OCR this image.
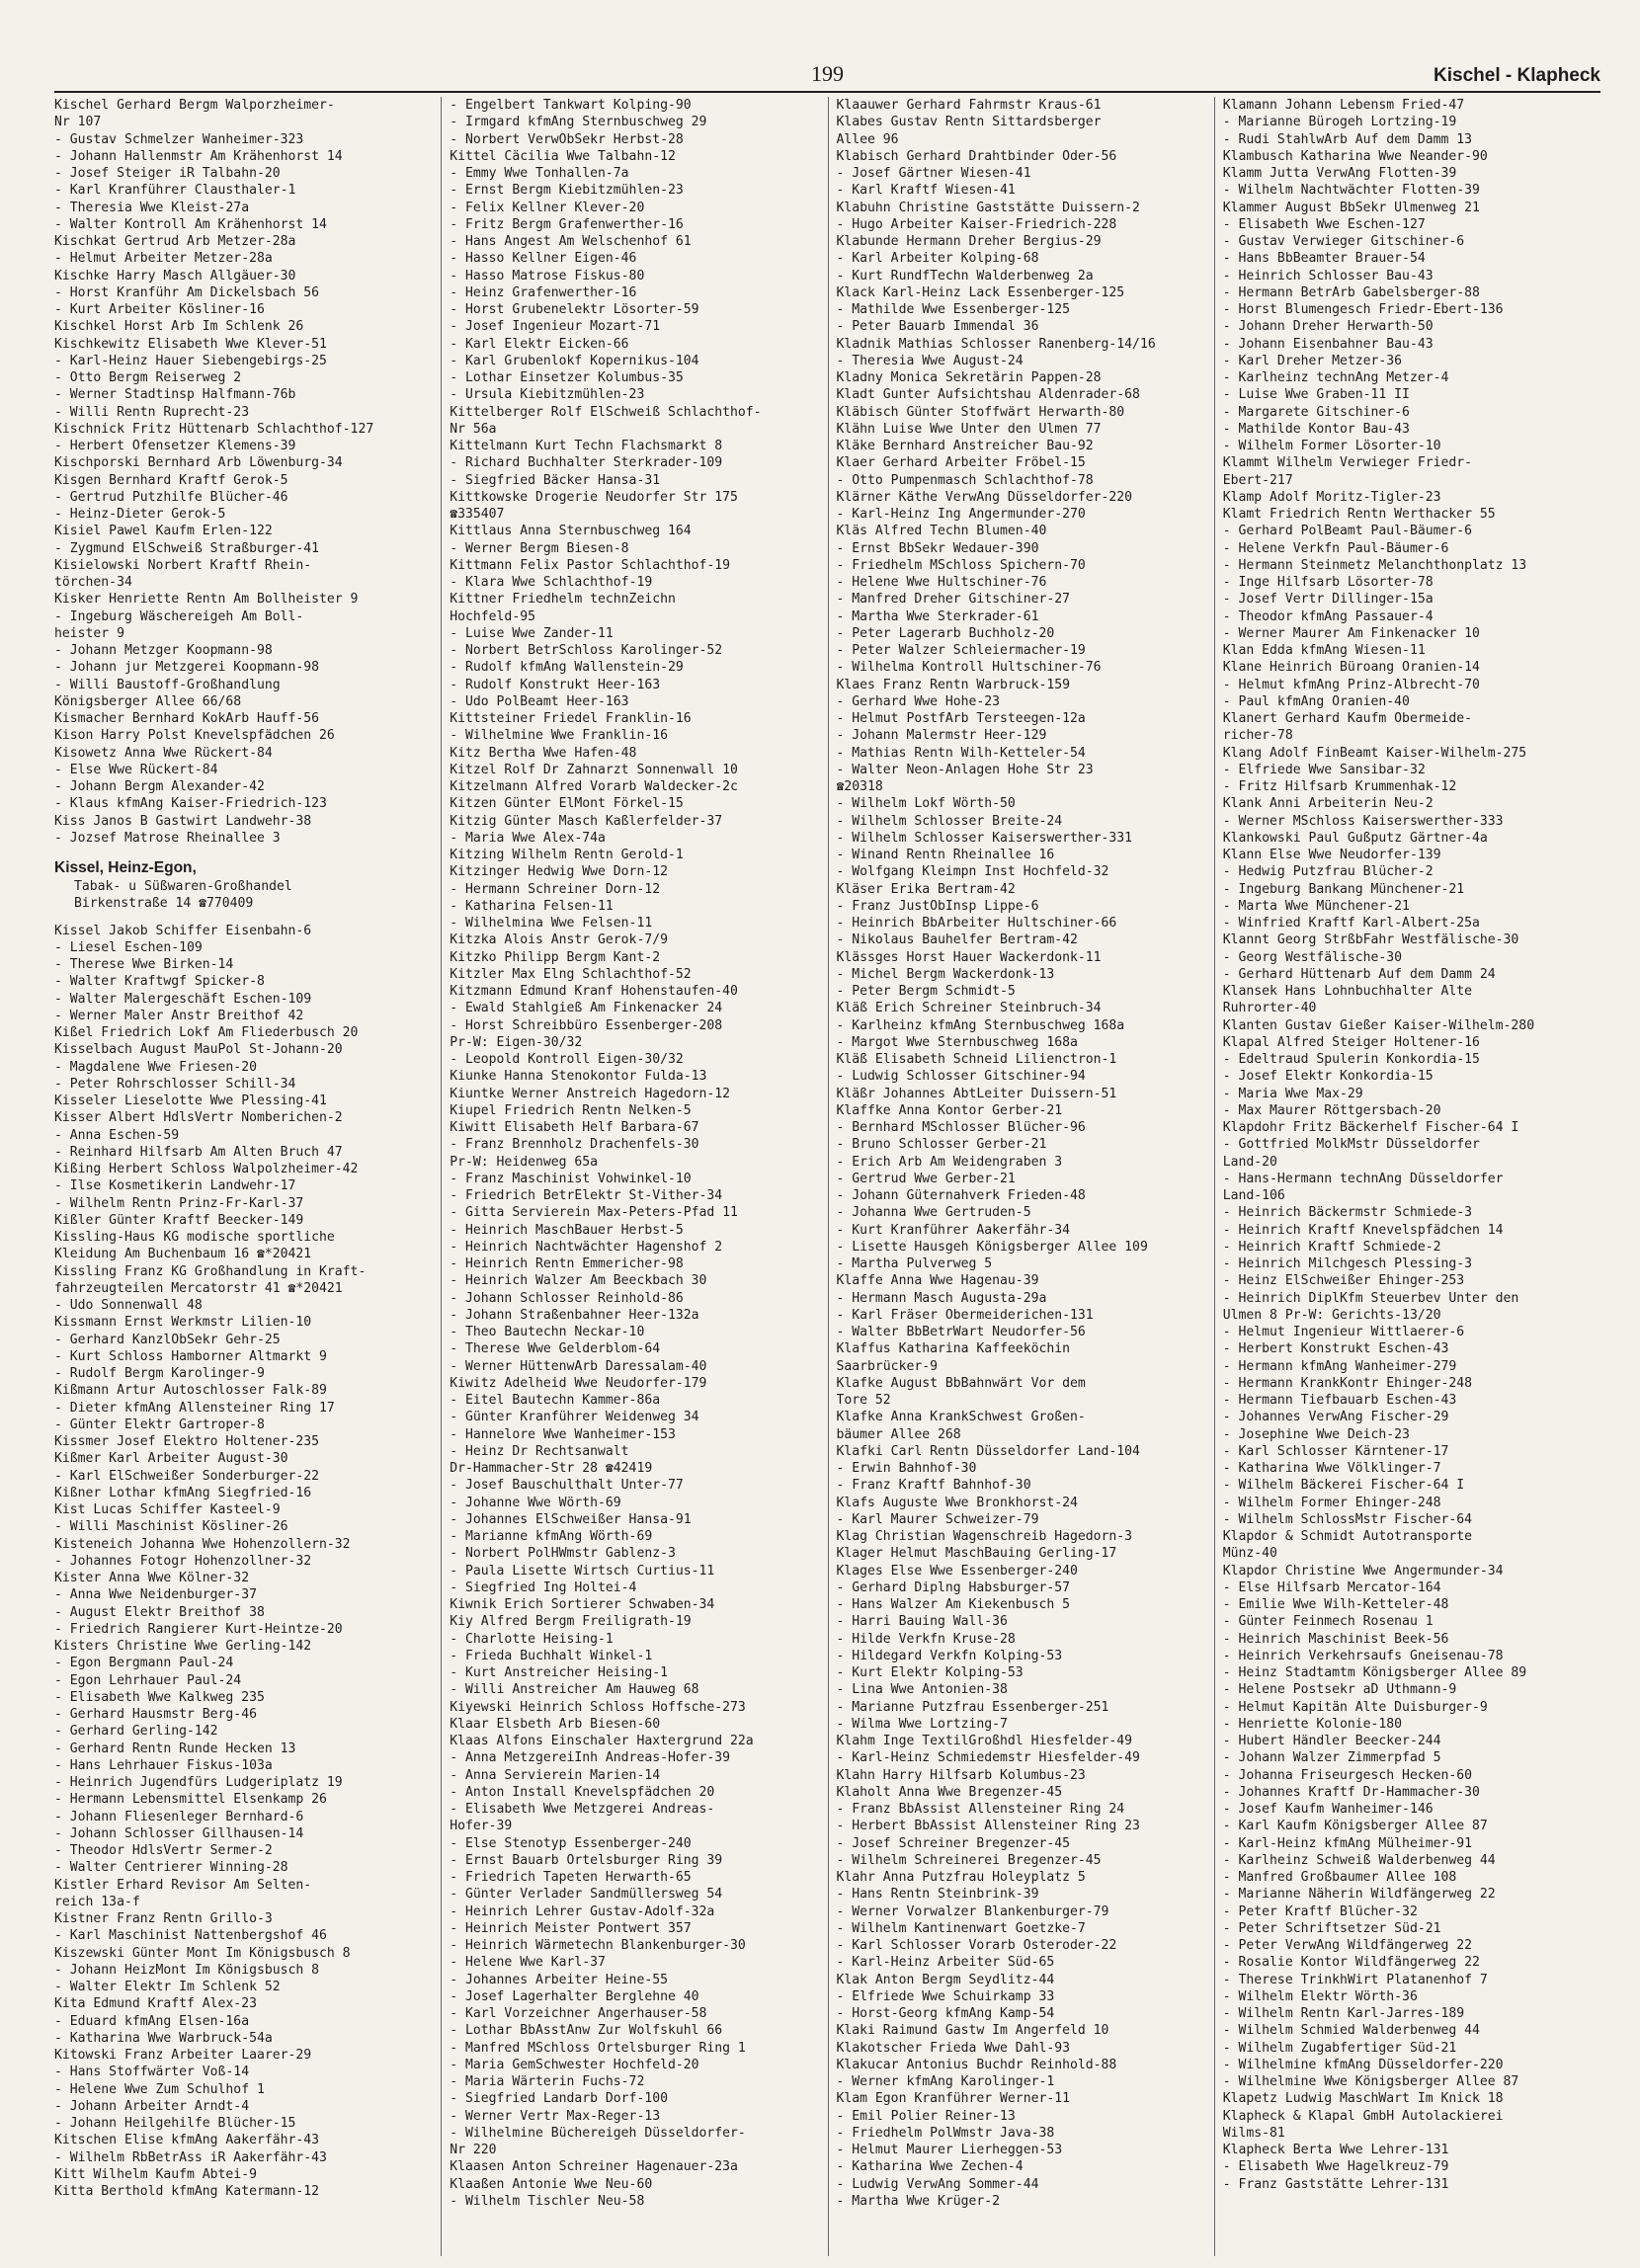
199	Kischel - Klapheck
Kischel Gerhard Bergm Walporzheimer-
Nr 107
- Gustav Schmelzer Wanheimer-323
- Johann Hallenmstr Am Krähenhorst 14
- Josef Steiger iR Talbahn-20
- Karl Kranführer Clausthaler-1
- Theresia Wwe Kleist-27a
- Walter Kontroll Am Krähenhorst 14
Kischkat Gertrud Arb Metzer-28a
- Helmut Arbeiter Metzer-28a
Kischke Harry Masch Allgäuer-30
- Horst Kranführ Am Dickelsbach 56
- Kurt Arbeiter Kösliner-16
Kischkel Horst Arb Im Schlenk 26
Kischkewitz Elisabeth Wwe Klever-51
- Karl-Heinz Hauer Siebengebirgs-25
- Otto Bergm Reiserweg 2
- Werner Stadtinsp Halfmann-76b
- Willi Rentn Ruprecht-23
Kischnick Fritz Hüttenarb Schlachthof-127
- Herbert Ofensetzer Klemens-39
Kischporski Bernhard Arb Löwenburg-34
Kisgen Bernhard Kraftf Gerok-5
- Gertrud Putzhilfe Blücher-46
- Heinz-Dieter Gerok-5
Kisiel Pawel Kaufm Erlen-122
- Zygmund ElSchweiß Straßburger-41
Kisielowski Norbert Kraftf Rhein-
törchen-34
Kisker Henriette Rentn Am Bollheister 9
- Ingeburg Wäschereigeh Am Boll-
heister 9
- Johann Metzger Koopmann-98
- Johann jur Metzgerei Koopmann-98
- Willi Baustoff-Großhandlung
Königsberger Allee 66/68
Kismacher Bernhard KokArb Hauff-56
Kison Harry Polst Knevelspfädchen 26
Kisowetz Anna Wwe Rückert-84
- Else Wwe Rückert-84
- Johann Bergm Alexander-42
- Klaus kfmAng Kaiser-Friedrich-123
Kiss Janos B Gastwirt Landwehr-38
- Jozsef Matrose Rheinallee 3
Kissel, Heinz-Egon,
Tabak- u Süßwaren-Großhandel
Birkenstraße 14 ☎770409
Kissel Jakob Schiffer Eisenbahn-6
- Liesel Eschen-109
- Therese Wwe Birken-14
- Walter Kraftwgf Spicker-8
- Walter Malergeschäft Eschen-109
- Werner Maler Anstr Breithof 42
Kißel Friedrich Lokf Am Fliederbusch 20
Kisselbach August MauPol St-Johann-20
- Magdalene Wwe Friesen-20
- Peter Rohrschlosser Schill-34
Kisseler Lieselotte Wwe Plessing-41
Kisser Albert HdlsVertr Nomberichen-2
- Anna Eschen-59
- Reinhard Hilfsarb Am Alten Bruch 47
Kißing Herbert Schloss Walpolzheimer-42
- Ilse Kosmetikerin Landwehr-17
- Wilhelm Rentn Prinz-Fr-Karl-37
Kißler Günter Kraftf Beecker-149
Kissling-Haus KG modische sportliche
Kleidung Am Buchenbaum 16 ☎*20421
Kissling Franz KG Großhandlung in Kraft-
fahrzeugteilen Mercatorstr 41 ☎*20421
- Udo Sonnenwall 48
Kissmann Ernst Werkmstr Lilien-10
- Gerhard KanzlObSekr Gehr-25
- Kurt Schloss Hamborner Altmarkt 9
- Rudolf Bergm Karolinger-9
Kißmann Artur Autoschlosser Falk-89
- Dieter kfmAng Allensteiner Ring 17
- Günter Elektr Gartroper-8
Kissmer Josef Elektro Holtener-235
Kißmer Karl Arbeiter August-30
- Karl ElSchweißer Sonderburger-22
Kißner Lothar kfmAng Siegfried-16
Kist Lucas Schiffer Kasteel-9
- Willi Maschinist Kösliner-26
Kisteneich Johanna Wwe Hohenzollern-32
- Johannes Fotogr Hohenzollner-32
Kister Anna Wwe Kölner-32
- Anna Wwe Neidenburger-37
- August Elektr Breithof 38
- Friedrich Rangierer Kurt-Heintze-20
Kisters Christine Wwe Gerling-142
- Egon Bergmann Paul-24
- Egon Lehrhauer Paul-24
- Elisabeth Wwe Kalkweg 235
- Gerhard Hausmstr Berg-46
- Gerhard Gerling-142
- Gerhard Rentn Runde Hecken 13
- Hans Lehrhauer Fiskus-103a
- Heinrich Jugendfürs Ludgeriplatz 19
- Hermann Lebensmittel Elsenkamp 26
- Johann Fliesenleger Bernhard-6
- Johann Schlosser Gillhausen-14
- Theodor HdlsVertr Sermer-2
- Walter Centrierer Winning-28
Kistler Erhard Revisor Am Selten-
reich 13a-f
Kistner Franz Rentn Grillo-3
- Karl Maschinist Nattenbergshof 46
Kiszewski Günter Mont Im Königsbusch 8
- Johann HeizMont Im Königsbusch 8
- Walter Elektr Im Schlenk 52
Kita Edmund Kraftf Alex-23
- Eduard kfmAng Elsen-16a
- Katharina Wwe Warbruck-54a
Kitowski Franz Arbeiter Laarer-29
- Hans Stoffwärter Voß-14
- Helene Wwe Zum Schulhof 1
- Johann Arbeiter Arndt-4
- Johann Heilgehilfe Blücher-15
Kitschen Elise kfmAng Aakerfähr-43
- Wilhelm RbBetrAss iR Aakerfähr-43
Kitt Wilhelm Kaufm Abtei-9
Kitta Berthold kfmAng Katermann-12
- Engelbert Tankwart Kolping-90
- Irmgard kfmAng Sternbuschweg 29
- Norbert VerwObSekr Herbst-28
Kittel Cäcilia Wwe Talbahn-12
- Emmy Wwe Tonhallen-7a
- Ernst Bergm Kiebitzmühlen-23
- Felix Kellner Klever-20
- Fritz Bergm Grafenwerther-16
- Hans Angest Am Welschenhof 61
- Hasso Kellner Eigen-46
- Hasso Matrose Fiskus-80
- Heinz Grafenwerther-16
- Horst Grubenelektr Lösorter-59
- Josef Ingenieur Mozart-71
- Karl Elektr Eicken-66
- Karl Grubenlokf Kopernikus-104
- Lothar Einsetzer Kolumbus-35
- Ursula Kiebitzmühlen-23
Kittelberger Rolf ElSchweiß Schlachthof-
Nr 56a
Kittelmann Kurt Techn Flachsmarkt 8
- Richard Buchhalter Sterkrader-109
- Siegfried Bäcker Hansa-31
Kittkowske Drogerie Neudorfer Str 175
☎335407
Kittlaus Anna Sternbuschweg 164
- Werner Bergm Biesen-8
Kittmann Felix Pastor Schlachthof-19
- Klara Wwe Schlachthof-19
Kittner Friedhelm technZeichn
Hochfeld-95
- Luise Wwe Zander-11
- Norbert BetrSchloss Karolinger-52
- Rudolf kfmAng Wallenstein-29
- Rudolf Konstrukt Heer-163
- Udo PolBeamt Heer-163
Kittsteiner Friedel Franklin-16
- Wilhelmine Wwe Franklin-16
Kitz Bertha Wwe Hafen-48
Kitzel Rolf Dr Zahnarzt Sonnenwall 10
Kitzelmann Alfred Vorarb Waldecker-2c
Kitzen Günter ElMont Förkel-15
Kitzig Günter Masch Kaßlerfelder-37
- Maria Wwe Alex-74a
Kitzing Wilhelm Rentn Gerold-1
Kitzinger Hedwig Wwe Dorn-12
- Hermann Schreiner Dorn-12
- Katharina Felsen-11
- Wilhelmina Wwe Felsen-11
Kitzka Alois Anstr Gerok-7/9
Kitzko Philipp Bergm Kant-2
Kitzler Max Elng Schlachthof-52
Kitzmann Edmund Kranf Hohenstaufen-40
- Ewald Stahlgieß Am Finkenacker 24
- Horst Schreibbüro Essenberger-208
Pr-W: Eigen-30/32
- Leopold Kontroll Eigen-30/32
Kiunke Hanna Stenokontor Fulda-13
Kiuntke Werner Anstreich Hagedorn-12
Kiupel Friedrich Rentn Nelken-5
Kiwitt Elisabeth Helf Barbara-67
- Franz Brennholz Drachenfels-30
Pr-W: Heidenweg 65a
- Franz Maschinist Vohwinkel-10
- Friedrich BetrElektr St-Vither-34
- Gitta Servierein Max-Peters-Pfad 11
- Heinrich MaschBauer Herbst-5
- Heinrich Nachtwächter Hagenshof 2
- Heinrich Rentn Emmericher-98
- Heinrich Walzer Am Beeckbach 30
- Johann Schlosser Reinhold-86
- Johann Straßenbahner Heer-132a
- Theo Bautechn Neckar-10
- Therese Wwe Gelderblom-64
- Werner HüttenwArb Daressalam-40
Kiwitz Adelheid Wwe Neudorfer-179
- Eitel Bautechn Kammer-86a
- Günter Kranführer Weidenweg 34
- Hannelore Wwe Wanheimer-153
- Heinz Dr Rechtsanwalt
Dr-Hammacher-Str 28 ☎42419
- Josef Bauschulthalt Unter-77
- Johanne Wwe Wörth-69
- Johannes ElSchweißer Hansa-91
- Marianne kfmAng Wörth-69
- Norbert PolHWmstr Gablenz-3
- Paula Lisette Wirtsch Curtius-11
- Siegfried Ing Holtei-4
Kiwnik Erich Sortierer Schwaben-34
Kiy Alfred Bergm Freiligrath-19
- Charlotte Heising-1
- Frieda Buchhalt Winkel-1
- Kurt Anstreicher Heising-1
- Willi Anstreicher Am Hauweg 68
Kiyewski Heinrich Schloss Hoffsche-273
Klaar Elsbeth Arb Biesen-60
Klaas Alfons Einschaler Haxtergrund 22a
- Anna MetzgereiInh Andreas-Hofer-39
- Anna Servierein Marien-14
- Anton Install Knevelspfädchen 20
- Elisabeth Wwe Metzgerei Andreas-
Hofer-39
- Else Stenotyp Essenberger-240
- Ernst Bauarb Ortelsburger Ring 39
- Friedrich Tapeten Herwarth-65
- Günter Verlader Sandmüllersweg 54
- Heinrich Lehrer Gustav-Adolf-32a
- Heinrich Meister Pontwert 357
- Heinrich Wärmetechn Blankenburger-30
- Helene Wwe Karl-37
- Johannes Arbeiter Heine-55
- Josef Lagerhalter Berglehne 40
- Karl Vorzeichner Angerhauser-58
- Lothar BbAsstAnw Zur Wolfskuhl 66
- Manfred MSchloss Ortelsburger Ring 1
- Maria GemSchwester Hochfeld-20
- Maria Wärterin Fuchs-72
- Siegfried Landarb Dorf-100
- Werner Vertr Max-Reger-13
- Wilhelmine Büchereigeh Düsseldorfer-
Nr 220
Klaasen Anton Schreiner Hagenauer-23a
Klaaßen Antonie Wwe Neu-60
- Wilhelm Tischler Neu-58
Klaauwer Gerhard Fahrmstr Kraus-61
Klabes Gustav Rentn Sittardsberger
Allee 96
Klabisch Gerhard Drahtbinder Oder-56
- Josef Gärtner Wiesen-41
- Karl Kraftf Wiesen-41
Klabuhn Christine Gaststätte Duissern-2
- Hugo Arbeiter Kaiser-Friedrich-228
Klabunde Hermann Dreher Bergius-29
- Karl Arbeiter Kolping-68
- Kurt RundfTechn Walderbenweg 2a
Klack Karl-Heinz Lack Essenberger-125
- Mathilde Wwe Essenberger-125
- Peter Bauarb Immendal 36
Kladnik Mathias Schlosser Ranenberg-14/16
- Theresia Wwe August-24
Kladny Monica Sekretärin Pappen-28
Kladt Gunter Aufsichtshau Aldenrader-68
Kläbisch Günter Stoffwärt Herwarth-80
Klähn Luise Wwe Unter den Ulmen 77
Kläke Bernhard Anstreicher Bau-92
Klaer Gerhard Arbeiter Fröbel-15
- Otto Pumpenmasch Schlachthof-78
Klärner Käthe VerwAng Düsseldorfer-220
- Karl-Heinz Ing Angermunder-270
Kläs Alfred Techn Blumen-40
- Ernst BbSekr Wedauer-390
- Friedhelm MSchloss Spichern-70
- Helene Wwe Hultschiner-76
- Manfred Dreher Gitschiner-27
- Martha Wwe Sterkrader-61
- Peter Lagerarb Buchholz-20
- Peter Walzer Schleiermacher-19
- Wilhelma Kontroll Hultschiner-76
Klaes Franz Rentn Warbruck-159
- Gerhard Wwe Hohe-23
- Helmut PostfArb Tersteegen-12a
- Johann Malermstr Heer-129
- Mathias Rentn Wilh-Ketteler-54
- Walter Neon-Anlagen Hohe Str 23
☎20318
- Wilhelm Lokf Wörth-50
- Wilhelm Schlosser Breite-24
- Wilhelm Schlosser Kaiserswerther-331
- Winand Rentn Rheinallee 16
- Wolfgang Kleimpn Inst Hochfeld-32
Kläser Erika Bertram-42
- Franz JustObInsp Lippe-6
- Heinrich BbArbeiter Hultschiner-66
- Nikolaus Bauhelfer Bertram-42
Klässges Horst Hauer Wackerdonk-11
- Michel Bergm Wackerdonk-13
- Peter Bergm Schmidt-5
Kläß Erich Schreiner Steinbruch-34
- Karlheinz kfmAng Sternbuschweg 168a
- Margot Wwe Sternbuschweg 168a
Kläß Elisabeth Schneid Lilienctron-1
- Ludwig Schlosser Gitschiner-94
Kläßr Johannes AbtLeiter Duissern-51
Klaffke Anna Kontor Gerber-21
- Bernhard MSchlosser Blücher-96
- Bruno Schlosser Gerber-21
- Erich Arb Am Weidengraben 3
- Gertrud Wwe Gerber-21
- Johann Güternahverk Frieden-48
- Johanna Wwe Gertruden-5
- Kurt Kranführer Aakerfähr-34
- Lisette Hausgeh Königsberger Allee 109
- Martha Pulverweg 5
Klaffe Anna Wwe Hagenau-39
- Hermann Masch Augusta-29a
- Karl Fräser Obermeiderichen-131
- Walter BbBetrWart Neudorfer-56
Klaffus Katharina Kaffeeköchin
Saarbrücker-9
Klafke August BbBahnwärt Vor dem
Tore 52
Klafke Anna KrankSchwest Großen-
bäumer Allee 268
Klafki Carl Rentn Düsseldorfer Land-104
- Erwin Bahnhof-30
- Franz Kraftf Bahnhof-30
Klafs Auguste Wwe Bronkhorst-24
- Karl Maurer Schweizer-79
Klag Christian Wagenschreib Hagedorn-3
Klager Helmut MaschBauing Gerling-17
Klages Else Wwe Essenberger-240
- Gerhard Diplng Habsburger-57
- Hans Walzer Am Kiekenbusch 5
- Harri Bauing Wall-36
- Hilde Verkfn Kruse-28
- Hildegard Verkfn Kolping-53
- Kurt Elektr Kolping-53
- Lina Wwe Antonien-38
- Marianne Putzfrau Essenberger-251
- Wilma Wwe Lortzing-7
Klahm Inge TextilGroßhdl Hiesfelder-49
- Karl-Heinz Schmiedemstr Hiesfelder-49
Klahn Harry Hilfsarb Kolumbus-23
Klaholt Anna Wwe Bregenzer-45
- Franz BbAssist Allensteiner Ring 24
- Herbert BbAssist Allensteiner Ring 23
- Josef Schreiner Bregenzer-45
- Wilhelm Schreinerei Bregenzer-45
Klahr Anna Putzfrau Holeyplatz 5
- Hans Rentn Steinbrink-39
- Werner Vorwalzer Blankenburger-79
- Wilhelm Kantinenwart Goetzke-7
- Karl Schlosser Vorarb Osteroder-22
- Karl-Heinz Arbeiter Süd-65
Klak Anton Bergm Seydlitz-44
- Elfriede Wwe Schuirkamp 33
- Horst-Georg kfmAng Kamp-54
Klaki Raimund Gastw Im Angerfeld 10
Klakotscher Frieda Wwe Dahl-93
Klakucar Antonius Buchdr Reinhold-88
- Werner kfmAng Karolinger-1
Klam Egon Kranführer Werner-11
- Emil Polier Reiner-13
- Friedhelm PolWmstr Java-38
- Helmut Maurer Lierheggen-53
- Katharina Wwe Zechen-4
- Ludwig VerwAng Sommer-44
- Martha Wwe Krüger-2
Klamann Johann Lebensm Fried-47
- Marianne Bürogeh Lortzing-19
- Rudi StahlwArb Auf dem Damm 13
Klambusch Katharina Wwe Neander-90
Klamm Jutta VerwAng Flotten-39
- Wilhelm Nachtwächter Flotten-39
Klammer August BbSekr Ulmenweg 21
- Elisabeth Wwe Eschen-127
- Gustav Verwieger Gitschiner-6
- Hans BbBeamter Brauer-54
- Heinrich Schlosser Bau-43
- Hermann BetrArb Gabelsberger-88
- Horst Blumengesch Friedr-Ebert-136
- Johann Dreher Herwarth-50
- Johann Eisenbahner Bau-43
- Karl Dreher Metzer-36
- Karlheinz technAng Metzer-4
- Luise Wwe Graben-11 II
- Margarete Gitschiner-6
- Mathilde Kontor Bau-43
- Wilhelm Former Lösorter-10
Klammt Wilhelm Verwieger Friedr-
Ebert-217
Klamp Adolf Moritz-Tigler-23
Klamt Friedrich Rentn Werthacker 55
- Gerhard PolBeamt Paul-Bäumer-6
- Helene Verkfn Paul-Bäumer-6
- Hermann Steinmetz Melanchthonplatz 13
- Inge Hilfsarb Lösorter-78
- Josef Vertr Dillinger-15a
- Theodor kfmAng Passauer-4
- Werner Maurer Am Finkenacker 10
Klan Edda kfmAng Wiesen-11
Klane Heinrich Büroang Oranien-14
- Helmut kfmAng Prinz-Albrecht-70
- Paul kfmAng Oranien-40
Klanert Gerhard Kaufm Obermeide-
richer-78
Klang Adolf FinBeamt Kaiser-Wilhelm-275
- Elfriede Wwe Sansibar-32
- Fritz Hilfsarb Krummenhak-12
Klank Anni Arbeiterin Neu-2
- Werner MSchloss Kaiserswerther-333
Klankowski Paul Gußputz Gärtner-4a
Klann Else Wwe Neudorfer-139
- Hedwig Putzfrau Blücher-2
- Ingeburg Bankang Münchener-21
- Marta Wwe Münchener-21
- Winfried Kraftf Karl-Albert-25a
Klannt Georg StrßbFahr Westfälische-30
- Georg Westfälische-30
- Gerhard Hüttenarb Auf dem Damm 24
Klansek Hans Lohnbuchhalter Alte
Ruhrorter-40
Klanten Gustav Gießer Kaiser-Wilhelm-280
Klapal Alfred Steiger Holtener-16
- Edeltraud Spulerin Konkordia-15
- Josef Elektr Konkordia-15
- Maria Wwe Max-29
- Max Maurer Röttgersbach-20
Klapdohr Fritz Bäckerhelf Fischer-64 I
- Gottfried MolkMstr Düsseldorfer
Land-20
- Hans-Hermann technAng Düsseldorfer
Land-106
- Heinrich Bäckermstr Schmiede-3
- Heinrich Kraftf Knevelspfädchen 14
- Heinrich Kraftf Schmiede-2
- Heinrich Milchgesch Plessing-3
- Heinz ElSchweißer Ehinger-253
- Heinrich DiplKfm Steuerbev Unter den
Ulmen 8 Pr-W: Gerichts-13/20
- Helmut Ingenieur Wittlaerer-6
- Herbert Konstrukt Eschen-43
- Hermann kfmAng Wanheimer-279
- Hermann KrankKontr Ehinger-248
- Hermann Tiefbauarb Eschen-43
- Johannes VerwAng Fischer-29
- Josephine Wwe Deich-23
- Karl Schlosser Kärntener-17
- Katharina Wwe Völklinger-7
- Wilhelm Bäckerei Fischer-64 I
- Wilhelm Former Ehinger-248
- Wilhelm SchlossMstr Fischer-64
Klapdor & Schmidt Autotransporte
Münz-40
Klapdor Christine Wwe Angermunder-34
- Else Hilfsarb Mercator-164
- Emilie Wwe Wilh-Ketteler-48
- Günter Feinmech Rosenau 1
- Heinrich Maschinist Beek-56
- Heinrich Verkehrsaufs Gneisenau-78
- Heinz Stadtamtm Königsberger Allee 89
- Helene Postsekr aD Uthmann-9
- Helmut Kapitän Alte Duisburger-9
- Henriette Kolonie-180
- Hubert Händler Beecker-244
- Johann Walzer Zimmerpfad 5
- Johanna Friseurgesch Hecken-60
- Johannes Kraftf Dr-Hammacher-30
- Josef Kaufm Wanheimer-146
- Karl Kaufm Königsberger Allee 87
- Karl-Heinz kfmAng Mülheimer-91
- Karlheinz Schweiß Walderbenweg 44
- Manfred Großbaumer Allee 108
- Marianne Näherin Wildfängerweg 22
- Peter Kraftf Blücher-32
- Peter Schriftsetzer Süd-21
- Peter VerwAng Wildfängerweg 22
- Rosalie Kontor Wildfängerweg 22
- Therese TrinkhWirt Platanenhof 7
- Wilhelm Elektr Wörth-36
- Wilhelm Rentn Karl-Jarres-189
- Wilhelm Schmied Walderbenweg 44
- Wilhelm Zugabfertiger Süd-21
- Wilhelmine kfmAng Düsseldorfer-220
- Wilhelmine Wwe Königsberger Allee 87
Klapetz Ludwig MaschWart Im Knick 18
Klapheck & Klapal GmbH Autolackierei
Wilms-81
Klapheck Berta Wwe Lehrer-131
- Elisabeth Wwe Hagelkreuz-79
- Franz Gaststätte Lehrer-131
